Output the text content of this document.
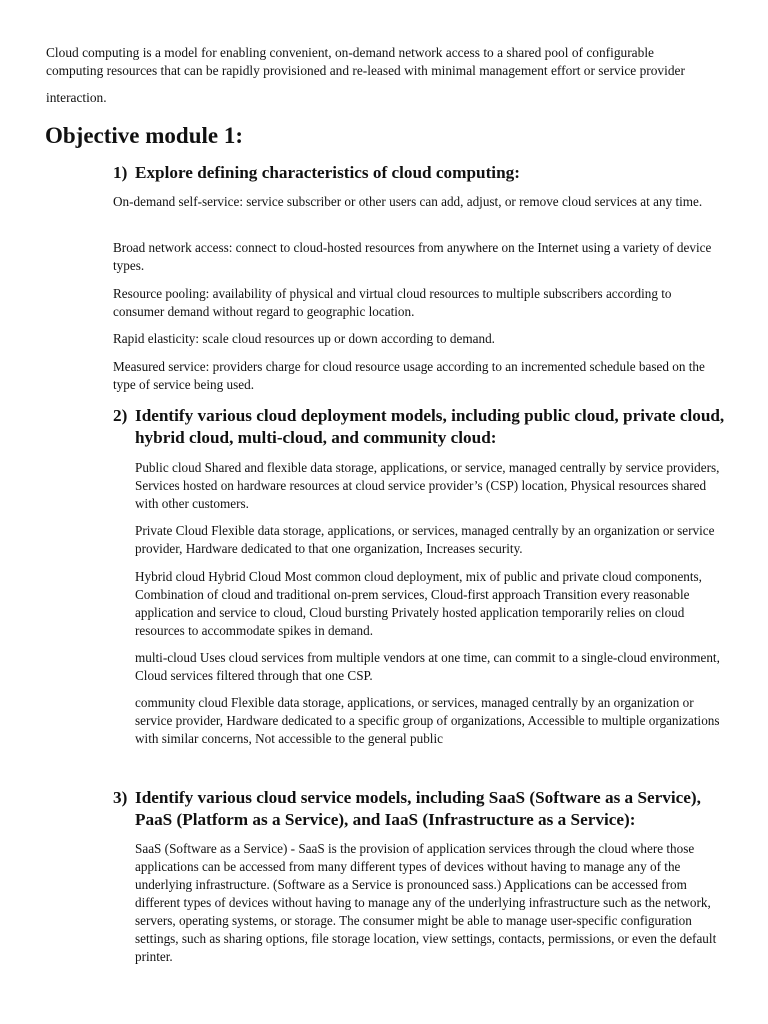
Cloud computing is a model for enabling convenient, on-demand network access to a shared pool of configurable
computing resources that can be rapidly provisioned and re-leased with minimal management effort or service provider
interaction.

Objective module 1:
1) Explore defining characteristics of cloud computing:

On-demand self-service: service subscriber or other users can add, adjust, or remove cloud services at any time.

Broad network access: connect to cloud-hosted resources from anywhere on the Internet using a variety of device types.

Resource pooling: availability of physical and virtual cloud resources to multiple subscribers according to consumer demand without regard to geographic location.

Rapid elasticity: scale cloud resources up or down according to demand.

Measured service: providers charge for cloud resource usage according to an incremented schedule based on the type of service being used.

2) Identify various cloud deployment models, including public cloud, private cloud, hybrid cloud, multi-cloud, and community cloud:

Public cloud Shared and flexible data storage, applications, or service, managed centrally by service providers, Services hosted on hardware resources at cloud service provider’s (CSP) location, Physical resources shared with other customers.

Private Cloud Flexible data storage, applications, or services, managed centrally by an organization or service provider, Hardware dedicated to that one organization, Increases security.

Hybrid cloud Hybrid Cloud Most common cloud deployment, mix of public and private cloud components, Combination of cloud and traditional on-prem services, Cloud-first approach Transition every reasonable application and service to cloud, Cloud bursting Privately hosted application temporarily relies on cloud resources to accommodate spikes in demand.

multi-cloud Uses cloud services from multiple vendors at one time, can commit to a single-cloud environment, Cloud services filtered through that one CSP.

community cloud Flexible data storage, applications, or services, managed centrally by an organization or service provider, Hardware dedicated to a specific group of organizations, Accessible to multiple organizations with similar concerns, Not accessible to the general public

3) Identify various cloud service models, including SaaS (Software as a Service), PaaS (Platform as a Service), and IaaS (Infrastructure as a Service):

SaaS (Software as a Service) - SaaS is the provision of application services through the cloud where those applications can be accessed from many different types of devices without having to manage any of the underlying infrastructure. (Software as a Service is pronounced sass.) Applications can be accessed from different types of devices without having to manage any of the underlying infrastructure such as the network, servers, operating systems, or storage. The consumer might be able to manage user-specific configuration settings, such as sharing options, file storage location, view settings, contacts, permissions, or even the default printer.
